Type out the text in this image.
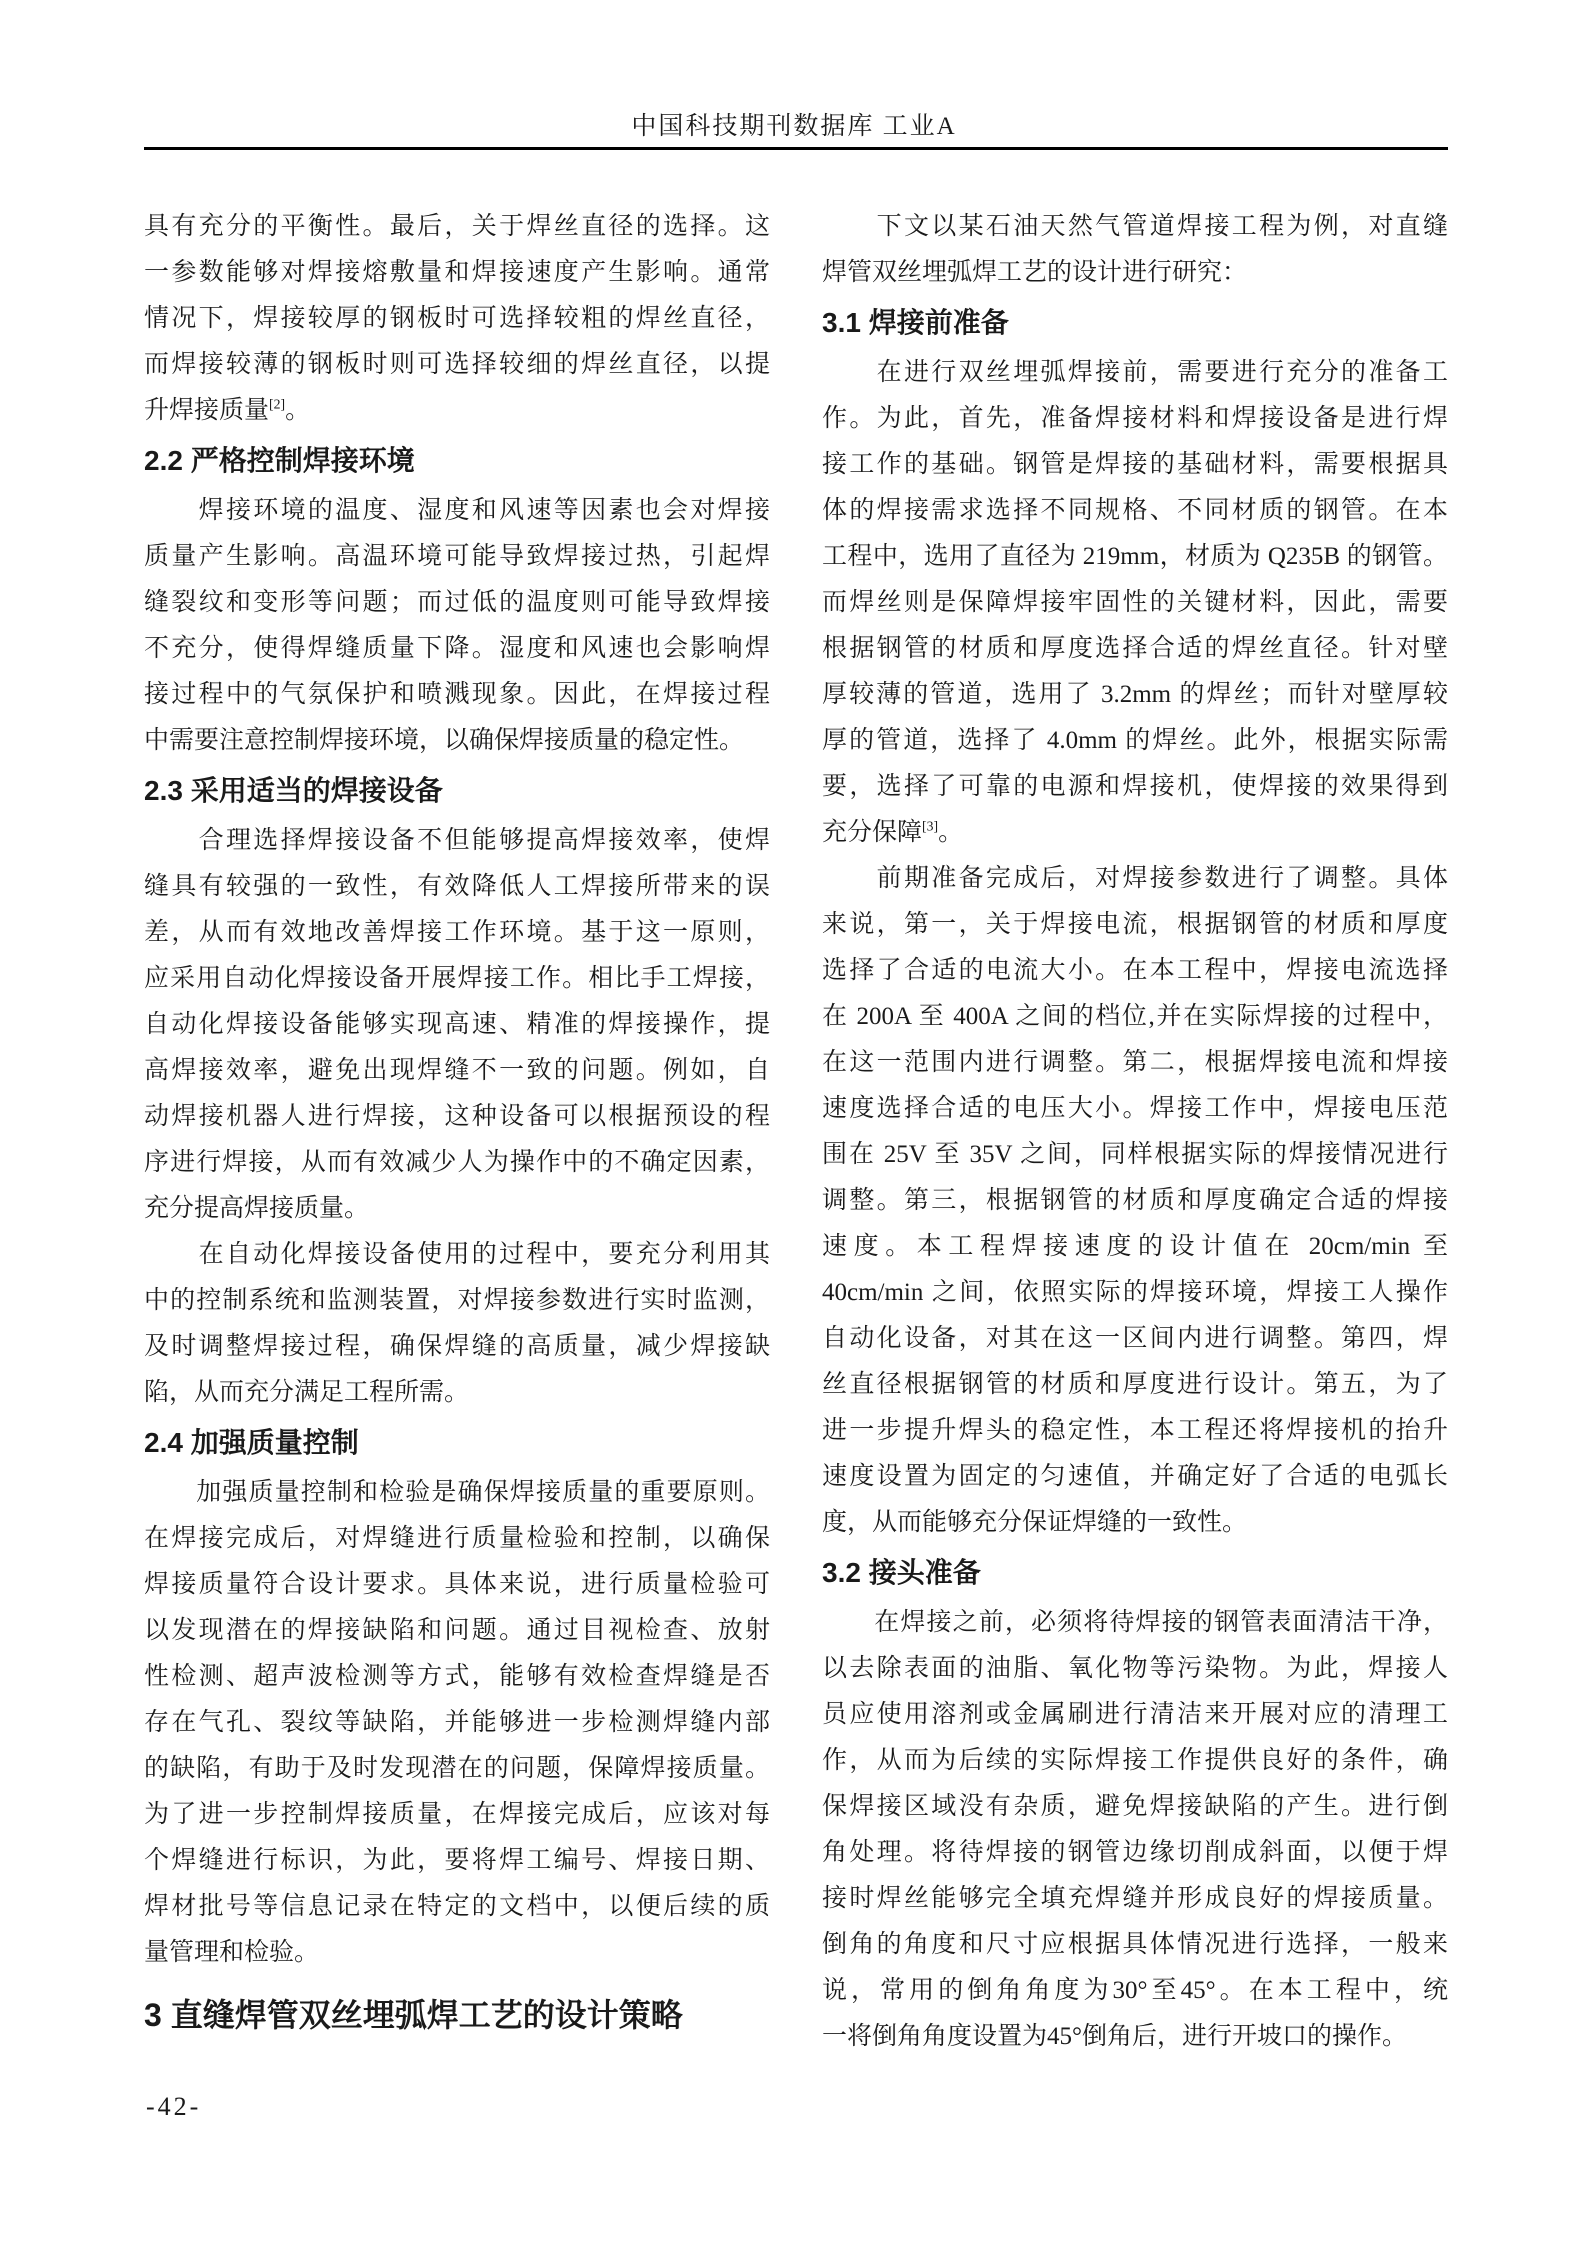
中国科技期刊数据库 工业A
具有充分的平衡性。最后，关于焊丝直径的选择。这
一参数能够对焊接熔敷量和焊接速度产生影响。通常
情况下，焊接较厚的钢板时可选择较粗的焊丝直径，
而焊接较薄的钢板时则可选择较细的焊丝直径，以提
升焊接质量[2]。
2.2 严格控制焊接环境
　　焊接环境的温度、湿度和风速等因素也会对焊接
质量产生影响。高温环境可能导致焊接过热，引起焊
缝裂纹和变形等问题；而过低的温度则可能导致焊接
不充分，使得焊缝质量下降。湿度和风速也会影响焊
接过程中的气氛保护和喷溅现象。因此，在焊接过程
中需要注意控制焊接环境，以确保焊接质量的稳定性。
2.3 采用适当的焊接设备
　　合理选择焊接设备不但能够提高焊接效率，使焊
缝具有较强的一致性，有效降低人工焊接所带来的误
差，从而有效地改善焊接工作环境。基于这一原则，
应采用自动化焊接设备开展焊接工作。相比手工焊接，
自动化焊接设备能够实现高速、精准的焊接操作，提
高焊接效率，避免出现焊缝不一致的问题。例如，自
动焊接机器人进行焊接，这种设备可以根据预设的程
序进行焊接，从而有效减少人为操作中的不确定因素，
充分提高焊接质量。
　　在自动化焊接设备使用的过程中，要充分利用其
中的控制系统和监测装置，对焊接参数进行实时监测，
及时调整焊接过程，确保焊缝的高质量，减少焊接缺
陷，从而充分满足工程所需。
2.4 加强质量控制
　　加强质量控制和检验是确保焊接质量的重要原则。
在焊接完成后，对焊缝进行质量检验和控制，以确保
焊接质量符合设计要求。具体来说，进行质量检验可
以发现潜在的焊接缺陷和问题。通过目视检查、放射
性检测、超声波检测等方式，能够有效检查焊缝是否
存在气孔、裂纹等缺陷，并能够进一步检测焊缝内部
的缺陷，有助于及时发现潜在的问题，保障焊接质量。
为了进一步控制焊接质量，在焊接完成后，应该对每
个焊缝进行标识，为此，要将焊工编号、焊接日期、
焊材批号等信息记录在特定的文档中，以便后续的质
量管理和检验。
3 直缝焊管双丝埋弧焊工艺的设计策略
　　下文以某石油天然气管道焊接工程为例，对直缝
焊管双丝埋弧焊工艺的设计进行研究：
3.1 焊接前准备
　　在进行双丝埋弧焊接前，需要进行充分的准备工
作。为此，首先，准备焊接材料和焊接设备是进行焊
接工作的基础。钢管是焊接的基础材料，需要根据具
体的焊接需求选择不同规格、不同材质的钢管。在本
工程中，选用了直径为 219mm，材质为 Q235B 的钢管。
而焊丝则是保障焊接牢固性的关键材料，因此，需要
根据钢管的材质和厚度选择合适的焊丝直径。针对壁
厚较薄的管道，选用了 3.2mm 的焊丝；而针对壁厚较
厚的管道，选择了 4.0mm 的焊丝。此外，根据实际需
要，选择了可靠的电源和焊接机，使焊接的效果得到
充分保障[3]。
　　前期准备完成后，对焊接参数进行了调整。具体
来说，第一，关于焊接电流，根据钢管的材质和厚度
选择了合适的电流大小。在本工程中，焊接电流选择
在 200A 至 400A 之间的档位,并在实际焊接的过程中，
在这一范围内进行调整。第二，根据焊接电流和焊接
速度选择合适的电压大小。焊接工作中，焊接电压范
围在 25V 至 35V 之间，同样根据实际的焊接情况进行
调整。第三，根据钢管的材质和厚度确定合适的焊接
速度。本工程焊接速度的设计值在 20cm/min 至
40cm/min 之间，依照实际的焊接环境，焊接工人操作
自动化设备，对其在这一区间内进行调整。第四，焊
丝直径根据钢管的材质和厚度进行设计。第五，为了
进一步提升焊头的稳定性，本工程还将焊接机的抬升
速度设置为固定的匀速值，并确定好了合适的电弧长
度，从而能够充分保证焊缝的一致性。
3.2 接头准备
　　在焊接之前，必须将待焊接的钢管表面清洁干净，
以去除表面的油脂、氧化物等污染物。为此，焊接人
员应使用溶剂或金属刷进行清洁来开展对应的清理工
作，从而为后续的实际焊接工作提供良好的条件，确
保焊接区域没有杂质，避免焊接缺陷的产生。进行倒
角处理。将待焊接的钢管边缘切削成斜面，以便于焊
接时焊丝能够完全填充焊缝并形成良好的焊接质量。
倒角的角度和尺寸应根据具体情况进行选择，一般来
说，常用的倒角角度为30°至45°。在本工程中，统
一将倒角角度设置为45°倒角后，进行开坡口的操作。
-42-
